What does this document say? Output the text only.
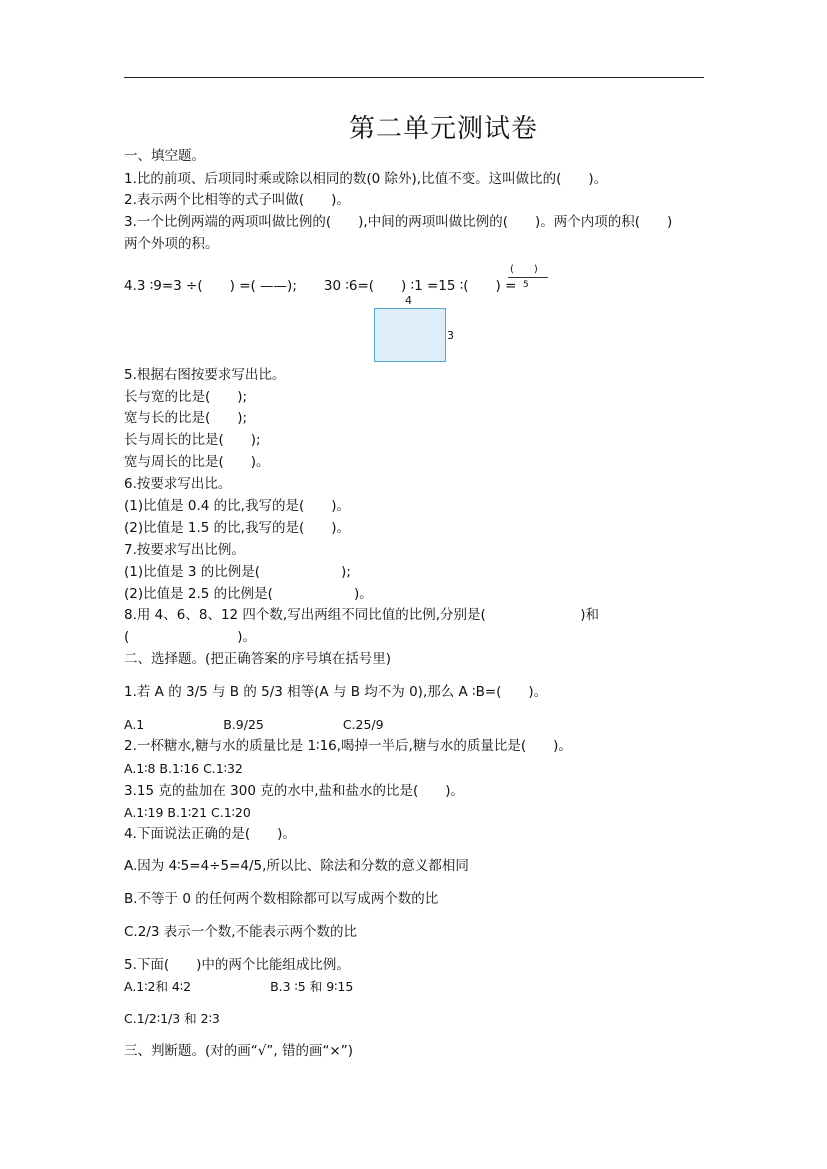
第二单元测试卷
一、填空题。
1.比的前项、后项同时乘或除以相同的数(0 除外),比值不变。这叫做比的(　　)。
2.表示两个比相等的式子叫做(　　)。
3.一个比例两端的两项叫做比例的(　　),中间的两项叫做比例的(　　)。两个内项的积(　　)
两个外项的积。
4.3 ∶9=3 ÷(　　) =( ——);　　30 ∶6=(　　) ∶1 =15 ∶(　　) =
(　　)
5
4
3
5.根据右图按要求写出比。
长与宽的比是(　　);
宽与长的比是(　　);
长与周长的比是(　　);
宽与周长的比是(　　)。
6.按要求写出比。
(1)比值是 0.4 的比,我写的是(　　)。
(2)比值是 1.5 的比,我写的是(　　)。
7.按要求写出比例。
(1)比值是 3 的比例是(　　　　　　);
(2)比值是 2.5 的比例是(　　　　　　)。
8.用 4、6、8、12 四个数,写出两组不同比值的比例,分别是(　　　　　　　)和
(　　　　　　　　)。
二、选择题。(把正确答案的序号填在括号里)
1.若 A 的 3/5 与 B 的 5/3 相等(A 与 B 均不为 0),那么 A ∶B=(　　)。
A.1　　　　　　 B.9/25　　　　　　 C.25/9
2.一杯糖水,糖与水的质量比是 1∶16,喝掉一半后,糖与水的质量比是(　　)。
A.1∶8 B.1∶16 C.1∶32
3.15 克的盐加在 300 克的水中,盐和盐水的比是(　　)。
A.1∶19 B.1∶21 C.1∶20
4.下面说法正确的是(　　)。
A.因为 4∶5=4÷5=4/5,所以比、除法和分数的意义都相同
B.不等于 0 的任何两个数相除都可以写成两个数的比
C.2/3 表示一个数,不能表示两个数的比
5.下面(　　)中的两个比能组成比例。
A.1∶2和 4∶2　　　　　　 B.3 ∶5 和 9∶15
C.1/2∶1/3 和 2∶3
三、判断题。(对的画“√”, 错的画“×”)
